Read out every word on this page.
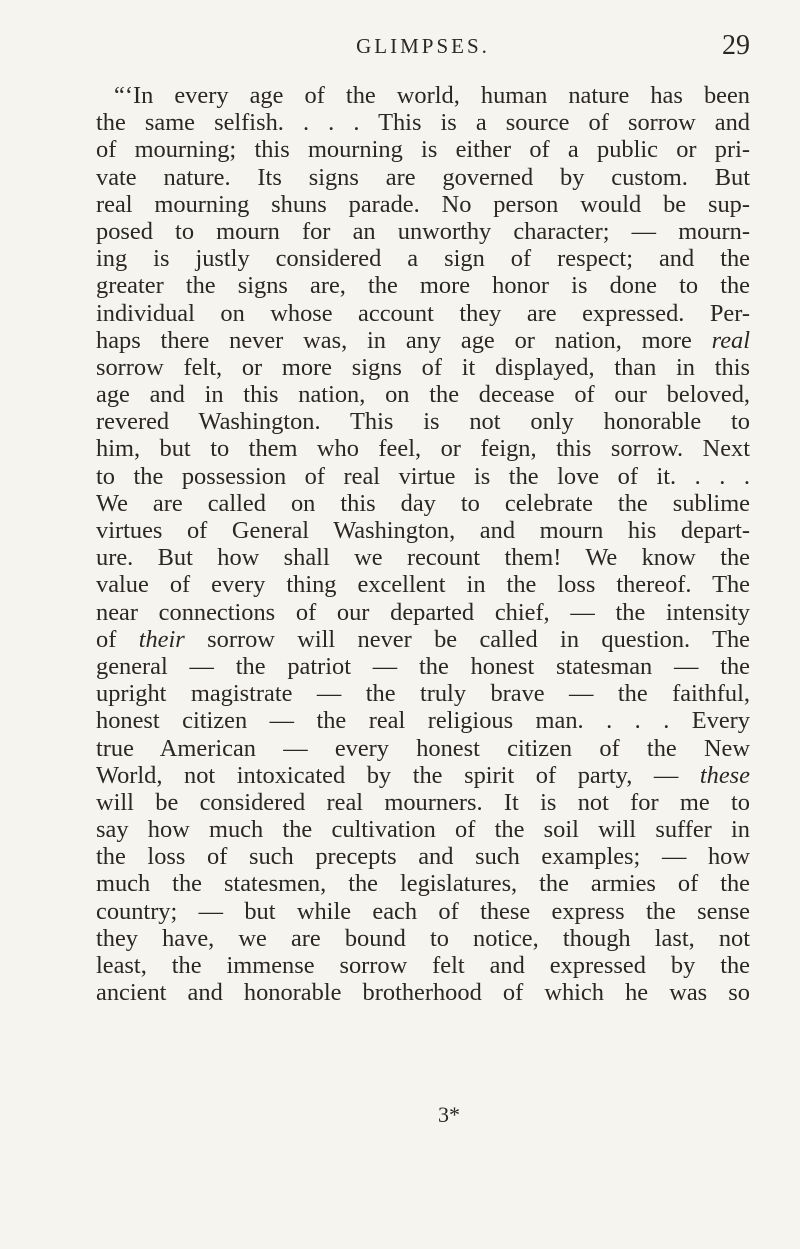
GLIMPSES.	29
“‘In every age of the world, human nature has been
the same selfish. . . . This is a source of sorrow and
of mourning; this mourning is either of a public or pri-
vate nature. Its signs are governed by custom. But
real mourning shuns parade. No person would be sup-
posed to mourn for an unworthy character; — mourn-
ing is justly considered a sign of respect; and the
greater the signs are, the more honor is done to the
individual on whose account they are expressed. Per-
haps there never was, in any age or nation, more real
sorrow felt, or more signs of it displayed, than in this
age and in this nation, on the decease of our beloved,
revered Washington. This is not only honorable to
him, but to them who feel, or feign, this sorrow. Next
to the possession of real virtue is the love of it. . . .
We are called on this day to celebrate the sublime
virtues of General Washington, and mourn his depart-
ure. But how shall we recount them! We know the
value of every thing excellent in the loss thereof. The
near connections of our departed chief, — the intensity
of their sorrow will never be called in question. The
general — the patriot — the honest statesman — the
upright magistrate — the truly brave — the faithful,
honest citizen — the real religious man. . . . Every
true American — every honest citizen of the New
World, not intoxicated by the spirit of party, — these
will be considered real mourners. It is not for me to
say how much the cultivation of the soil will suffer in
the loss of such precepts and such examples; — how
much the statesmen, the legislatures, the armies of the
country; — but while each of these express the sense
they have, we are bound to notice, though last, not
least, the immense sorrow felt and expressed by the
ancient and honorable brotherhood of which he was so
3*
